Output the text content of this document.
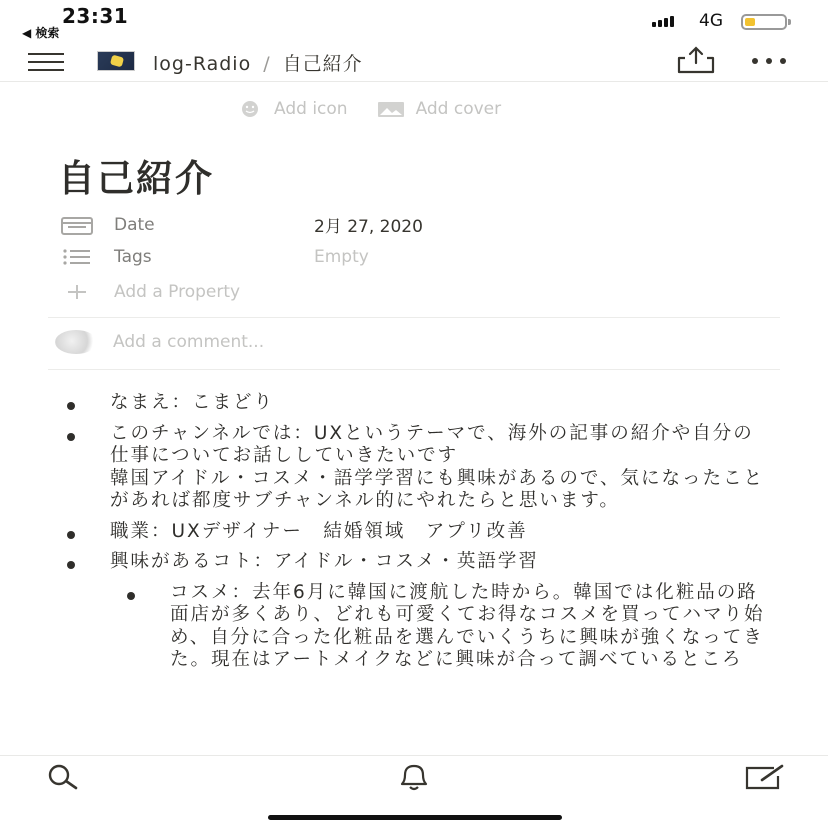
23:31
◀ 検索
4G
log-Radio / 自己紹介
Add icon	Add cover
自己紹介
Date	2月 27, 2020
Tags	Empty
Add a Property
Add a comment...
なまえ：こまどり
このチャンネルでは：UXというテーマで、海外の記事の紹介や自分の仕事についてお話ししていきたいです
韓国アイドル・コスメ・語学学習にも興味があるので、気になったことがあれば都度サブチャンネル的にやれたらと思います。
職業：UXデザイナー　結婚領域　アプリ改善
興味があるコト：アイドル・コスメ・英語学習
コスメ：去年6月に韓国に渡航した時から。韓国では化粧品の路面店が多くあり、どれも可愛くてお得なコスメを買ってハマり始め、自分に合った化粧品を選んでいくうちに興味が強くなってきた。現在はアートメイクなどに興味が合って調べているところ
